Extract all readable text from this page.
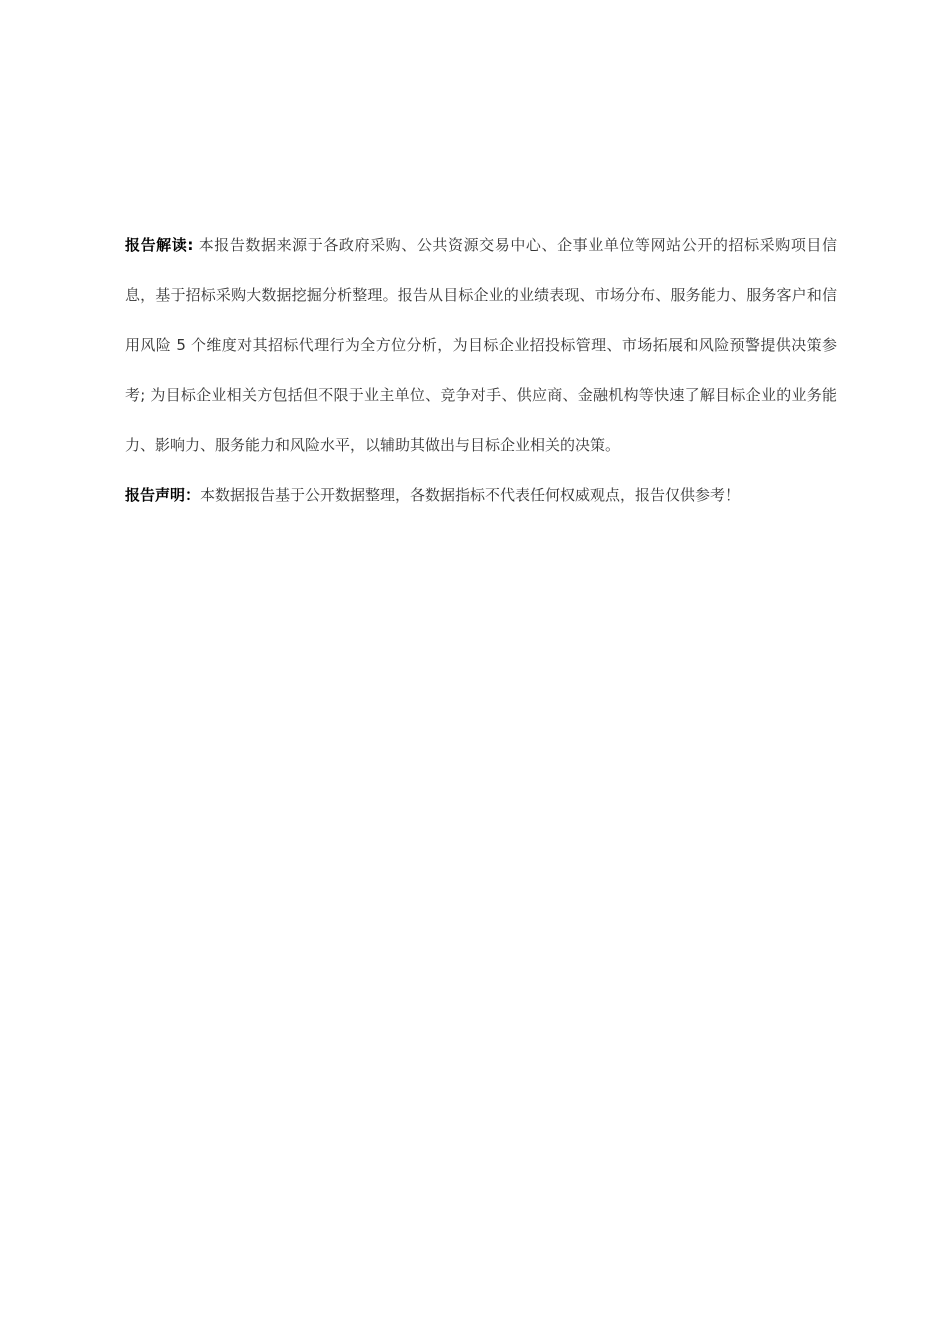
报告解读: 本报告数据来源于各政府采购、公共资源交易中心、企事业单位等网站公开的招标采购项目信息，基于招标采购大数据挖掘分析整理。报告从目标企业的业绩表现、市场分布、服务能力、服务客户和信用风险 5 个维度对其招标代理行为全方位分析，为目标企业招投标管理、市场拓展和风险预警提供决策参考; 为目标企业相关方包括但不限于业主单位、竞争对手、供应商、金融机构等快速了解目标企业的业务能力、影响力、服务能力和风险水平，以辅助其做出与目标企业相关的决策。

报告声明：本数据报告基于公开数据整理，各数据指标不代表任何权威观点，报告仅供参考！
